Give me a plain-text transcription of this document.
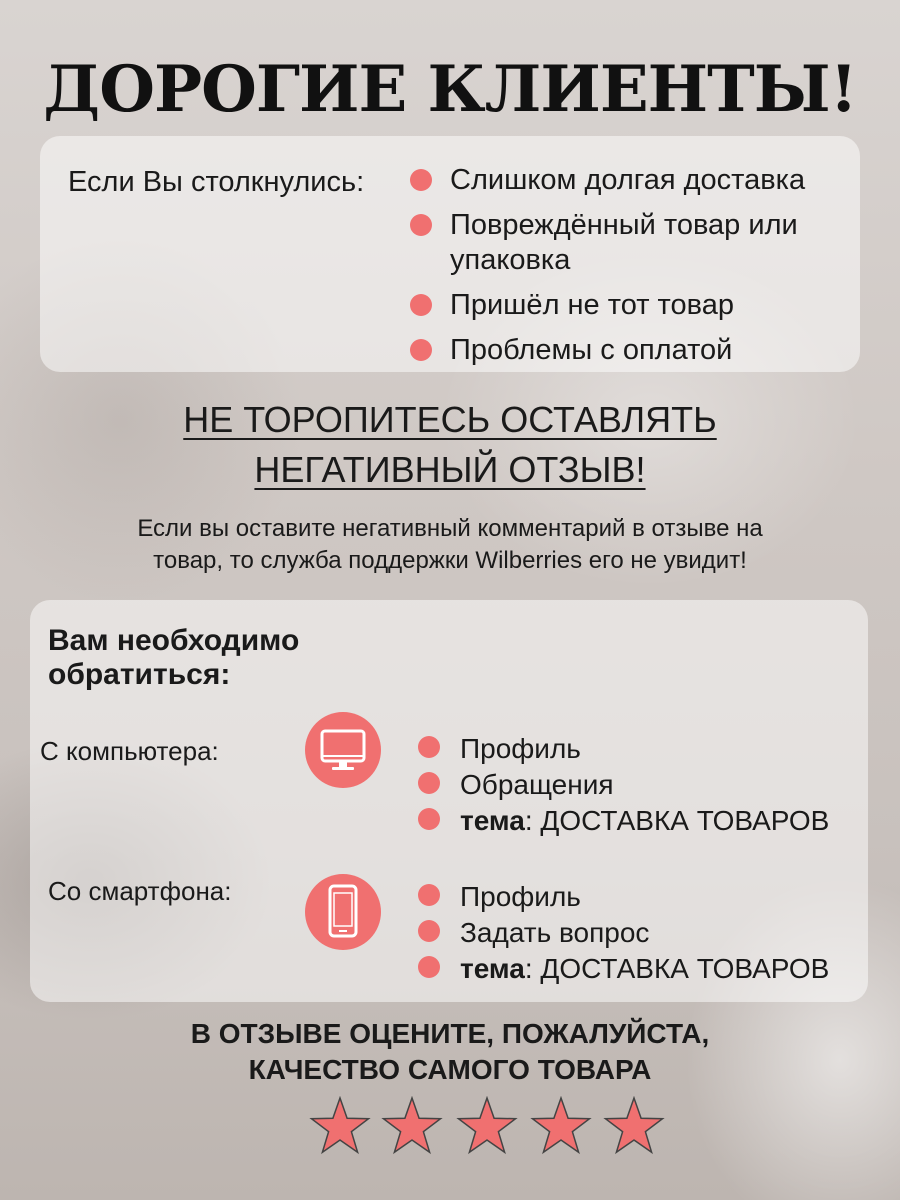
ДОРОГИЕ КЛИЕНТЫ!
Если Вы столкнулись:	Слишком долгая доставка
Повреждённый товар или
упаковка
Пришёл не тот товар
Проблемы с оплатой
НЕ ТОРОПИТЕСЬ ОСТАВЛЯТЬ
НЕГАТИВНЫЙ ОТЗЫВ!
Если вы оставите негативный комментарий в отзыве на
товар, то служба поддержки Wilberries его не увидит!
Вам необходимо
обратиться:
С компьютера:	Профиль
Обращения
тема: ДОСТАВКА ТОВАРОВ
Со смартфона:	Профиль
Задать вопрос
тема: ДОСТАВКА ТОВАРОВ
В ОТЗЫВЕ ОЦЕНИТЕ, ПОЖАЛУЙСТА,
КАЧЕСТВО САМОГО ТОВАРА
